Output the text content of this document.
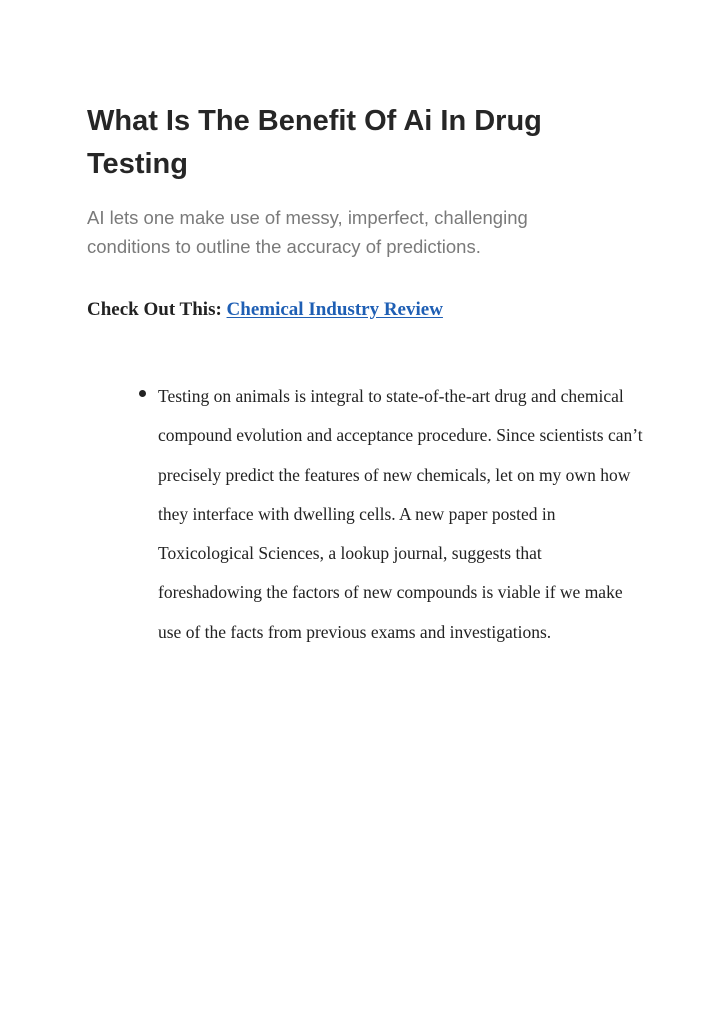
What Is The Benefit Of Ai In Drug Testing

AI lets one make use of messy, imperfect, challenging conditions to outline the accuracy of predictions.

Check Out This: Chemical Industry Review

Testing on animals is integral to state-of-the-art drug and chemical compound evolution and acceptance procedure. Since scientists can’t precisely predict the features of new chemicals, let on my own how they interface with dwelling cells. A new paper posted in Toxicological Sciences, a lookup journal, suggests that foreshadowing the factors of new compounds is viable if we make use of the facts from previous exams and investigations.
